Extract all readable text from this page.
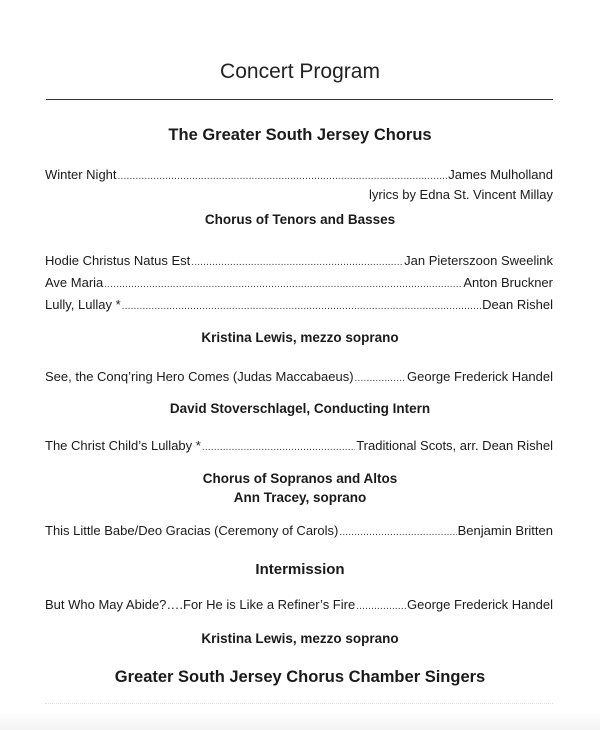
Concert Program
The Greater South Jersey Chorus
Winter Night .....	James Mulholland
lyrics by Edna St. Vincent Millay
Chorus of Tenors and Basses
Hodie Christus Natus Est .....	Jan Pieterszoon Sweelink
Ave Maria .....	Anton Bruckner
Lully, Lullay * .....	Dean Rishel
Kristina Lewis, mezzo soprano
See, the Conq’ring Hero Comes (Judas Maccabaeus) .....	George Frederick Handel
David Stoverschlagel, Conducting Intern
The Christ Child’s Lullaby * .....	Traditional Scots, arr. Dean Rishel
Chorus of Sopranos and Altos
Ann Tracey, soprano
This Little Babe/Deo Gracias (Ceremony of Carols) .....	Benjamin Britten
Intermission
But Who May Abide?….For He is Like a Refiner’s Fire .....	George Frederick Handel
Kristina Lewis, mezzo soprano
Greater South Jersey Chorus Chamber Singers
